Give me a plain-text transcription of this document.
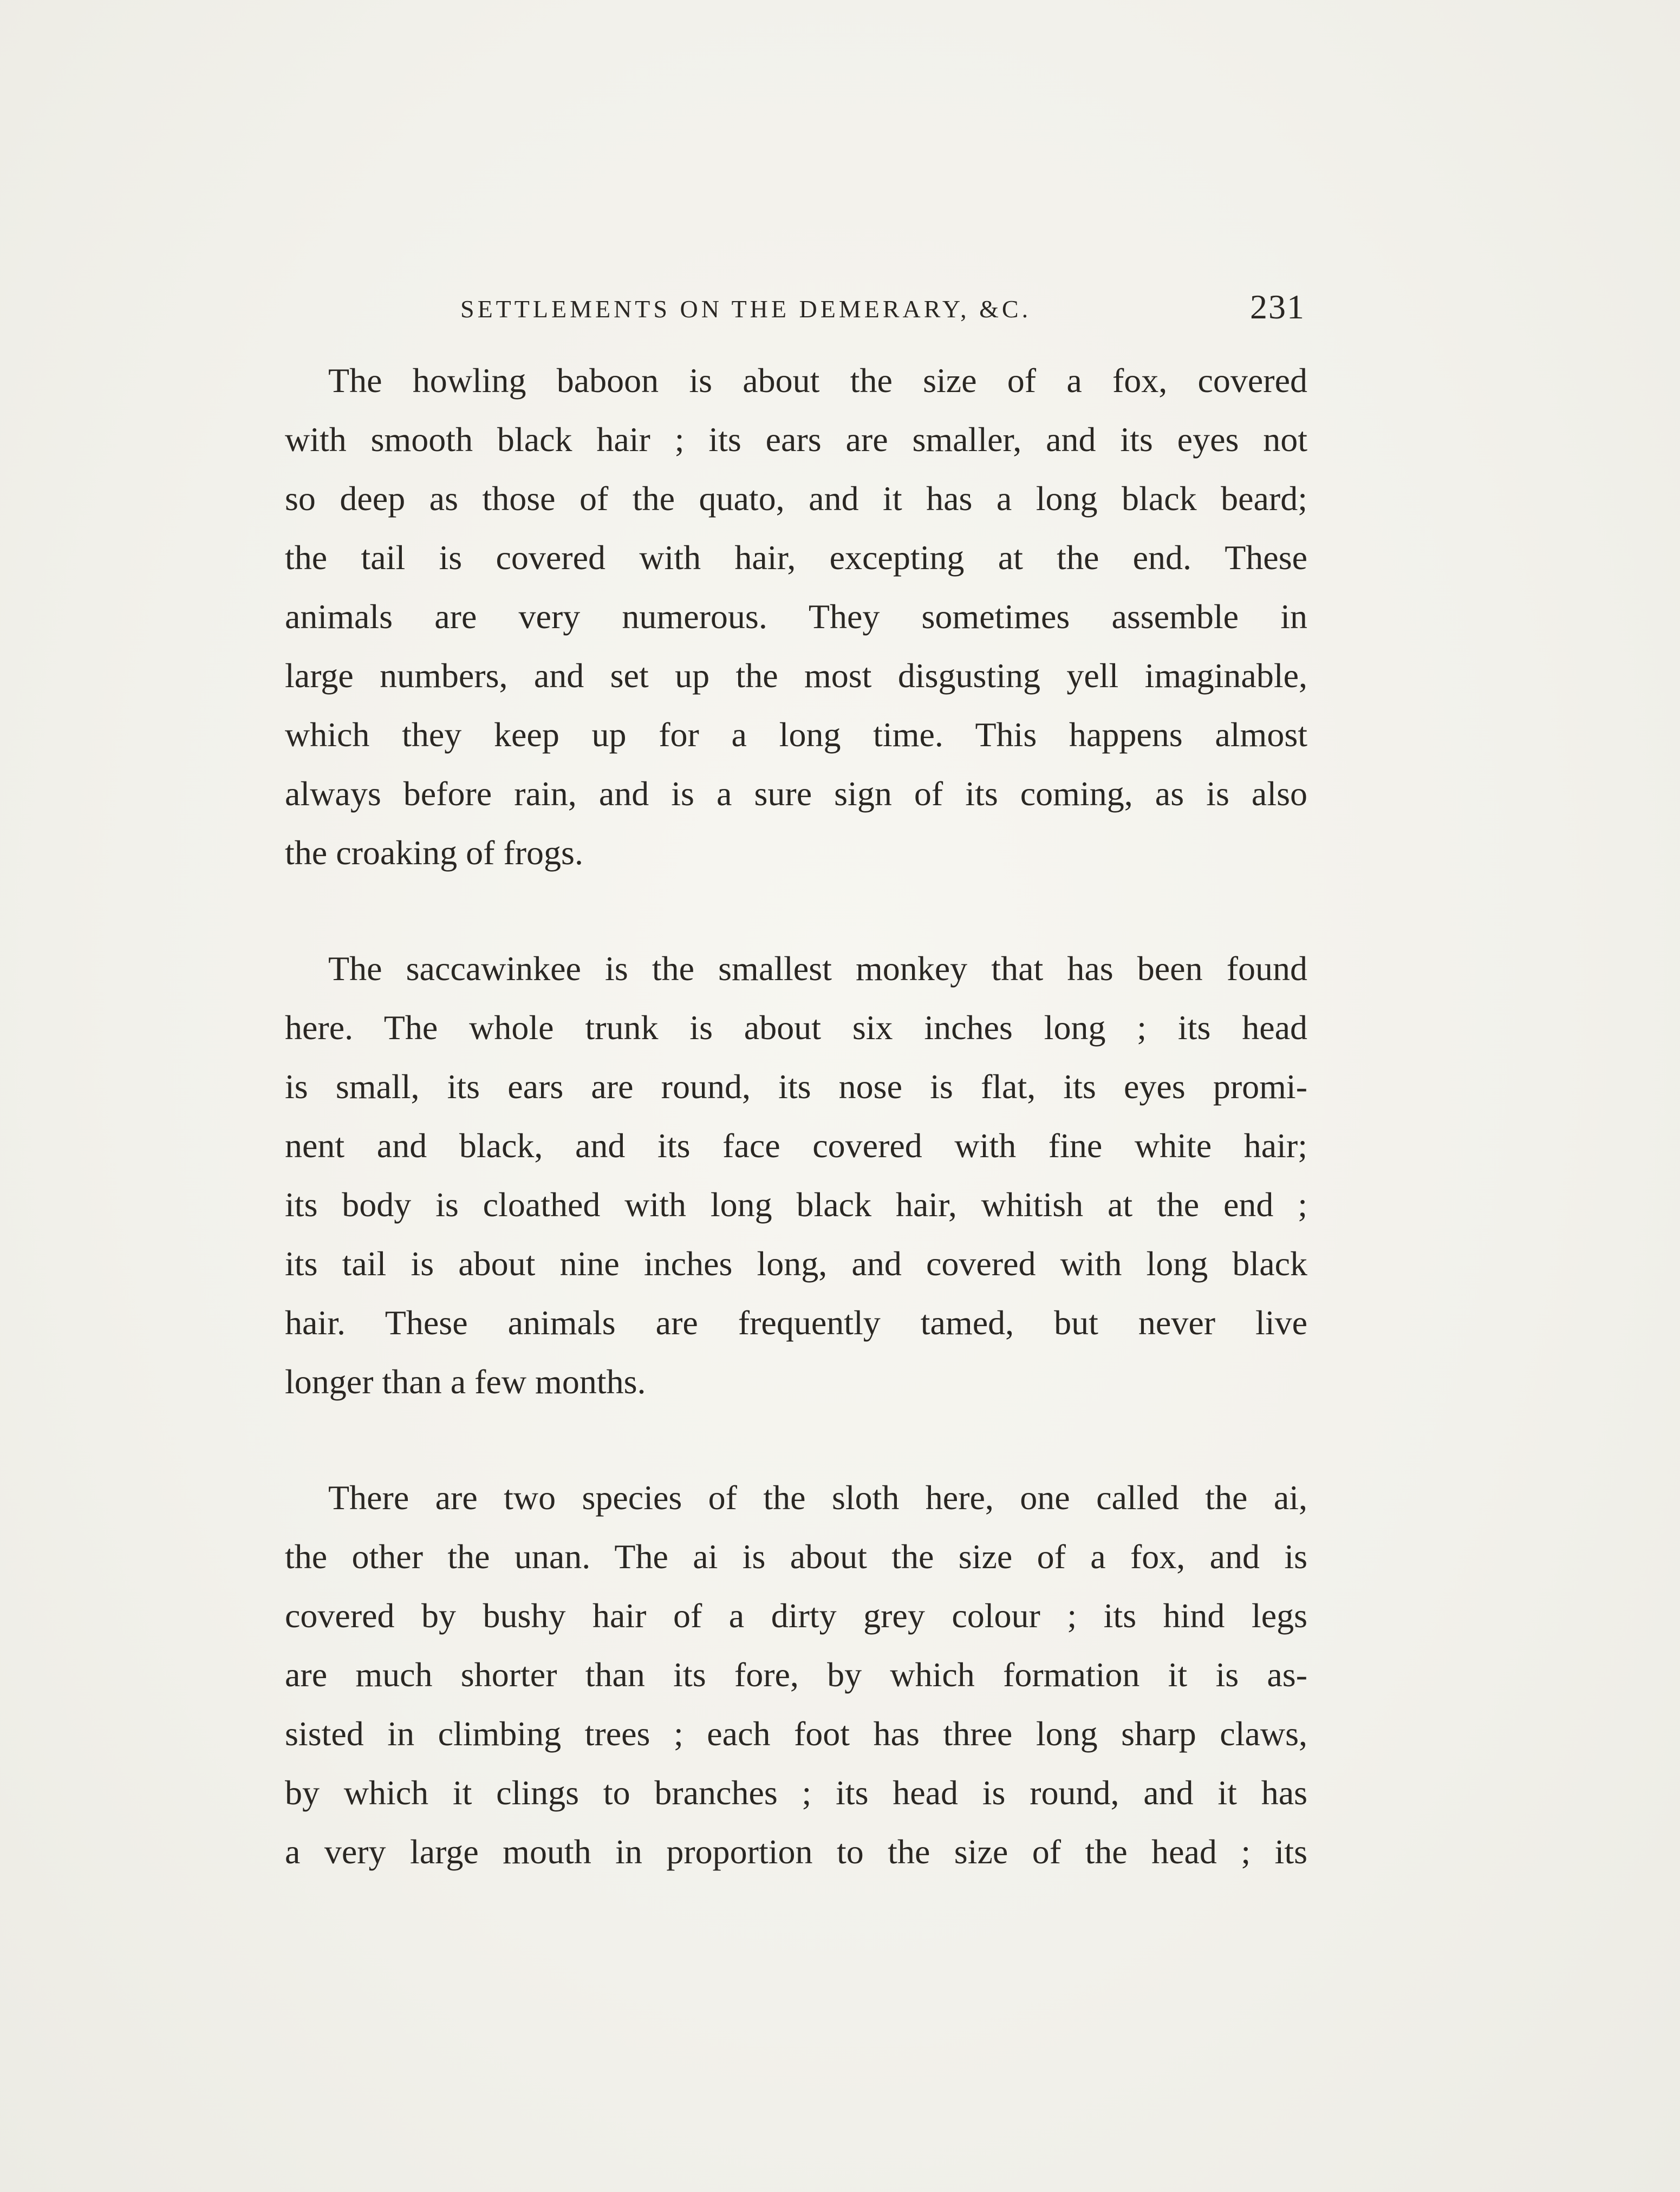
SETTLEMENTS ON THE DEMERARY, &C.	231

The howling baboon is about the size of a fox, covered
with smooth black hair ; its ears are smaller, and its eyes not
so deep as those of the quato, and it has a long black beard;
the tail is covered with hair, excepting at the end. These
animals are very numerous. They sometimes assemble in
large numbers, and set up the most disgusting yell imaginable,
which they keep up for a long time. This happens almost
always before rain, and is a sure sign of its coming, as is also
the croaking of frogs.

The saccawinkee is the smallest monkey that has been found
here. The whole trunk is about six inches long ; its head
is small, its ears are round, its nose is flat, its eyes promi-
nent and black, and its face covered with fine white hair;
its body is cloathed with long black hair, whitish at the end ;
its tail is about nine inches long, and covered with long black
hair. These animals are frequently tamed, but never live
longer than a few months.

There are two species of the sloth here, one called the ai,
the other the unan. The ai is about the size of a fox, and is
covered by bushy hair of a dirty grey colour ; its hind legs
are much shorter than its fore, by which formation it is as-
sisted in climbing trees ; each foot has three long sharp claws,
by which it clings to branches ; its head is round, and it has
a very large mouth in proportion to the size of the head ; its
